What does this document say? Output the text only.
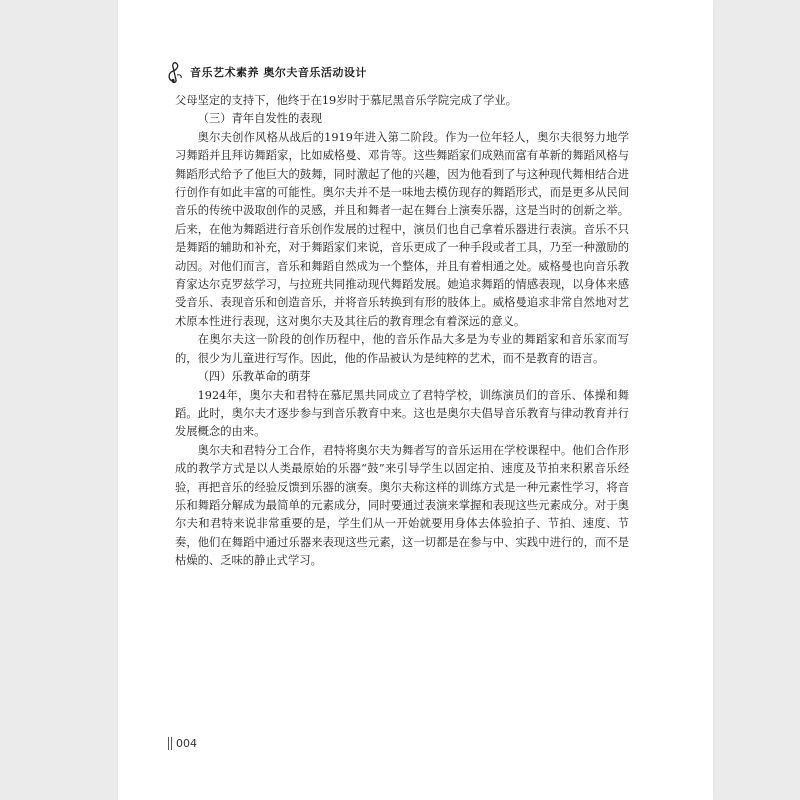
音乐艺术素养 奥尔夫音乐活动设计

父母坚定的支持下，他终于在19岁时于慕尼黑音乐学院完成了学业。

（三）青年自发性的表现

奥尔夫创作风格从战后的1919年进入第二阶段。作为一位年轻人，奥尔夫很努力地学习舞蹈并且拜访舞蹈家，比如威格曼、邓肯等。这些舞蹈家们成熟而富有革新的舞蹈风格与舞蹈形式给予了他巨大的鼓舞，同时激起了他的兴趣，因为他看到了与这种现代舞相结合进行创作有如此丰富的可能性。奥尔夫并不是一味地去模仿现存的舞蹈形式，而是更多从民间音乐的传统中汲取创作的灵感，并且和舞者一起在舞台上演奏乐器，这是当时的创新之举。后来，在他为舞蹈进行音乐创作发展的过程中，演员们也自己拿着乐器进行表演。音乐不只是舞蹈的辅助和补充，对于舞蹈家们来说，音乐更成了一种手段或者工具，乃至一种激励的动因。对他们而言，音乐和舞蹈自然成为一个整体，并且有着相通之处。威格曼也向音乐教育家达尔克罗兹学习，与拉班共同推动现代舞蹈发展。她追求舞蹈的情感表现，以身体来感受音乐、表现音乐和创造音乐，并将音乐转换到有形的肢体上。威格曼追求非常自然地对艺术原本性进行表现，这对奥尔夫及其往后的教育理念有着深远的意义。

在奥尔夫这一阶段的创作历程中，他的音乐作品大多是为专业的舞蹈家和音乐家而写的，很少为儿童进行写作。因此，他的作品被认为是纯粹的艺术，而不是教育的语言。

（四）乐教革命的萌芽

1924年，奥尔夫和君特在慕尼黑共同成立了君特学校，训练演员们的音乐、体操和舞蹈。此时，奥尔夫才逐步参与到音乐教育中来。这也是奥尔夫倡导音乐教育与律动教育并行发展概念的由来。

奥尔夫和君特分工合作，君特将奥尔夫为舞者写的音乐运用在学校课程中。他们合作形成的教学方式是以人类最原始的乐器“鼓”来引导学生以固定拍、速度及节拍来积累音乐经验，再把音乐的经验反馈到乐器的演奏。奥尔夫称这样的训练方式是一种元素性学习，将音乐和舞蹈分解成为最简单的元素成分，同时要通过表演来掌握和表现这些元素成分。对于奥尔夫和君特来说非常重要的是，学生们从一开始就要用身体去体验拍子、节拍、速度、节奏，他们在舞蹈中通过乐器来表现这些元素，这一切都是在参与中、实践中进行的，而不是枯燥的、乏味的静止式学习。

004
